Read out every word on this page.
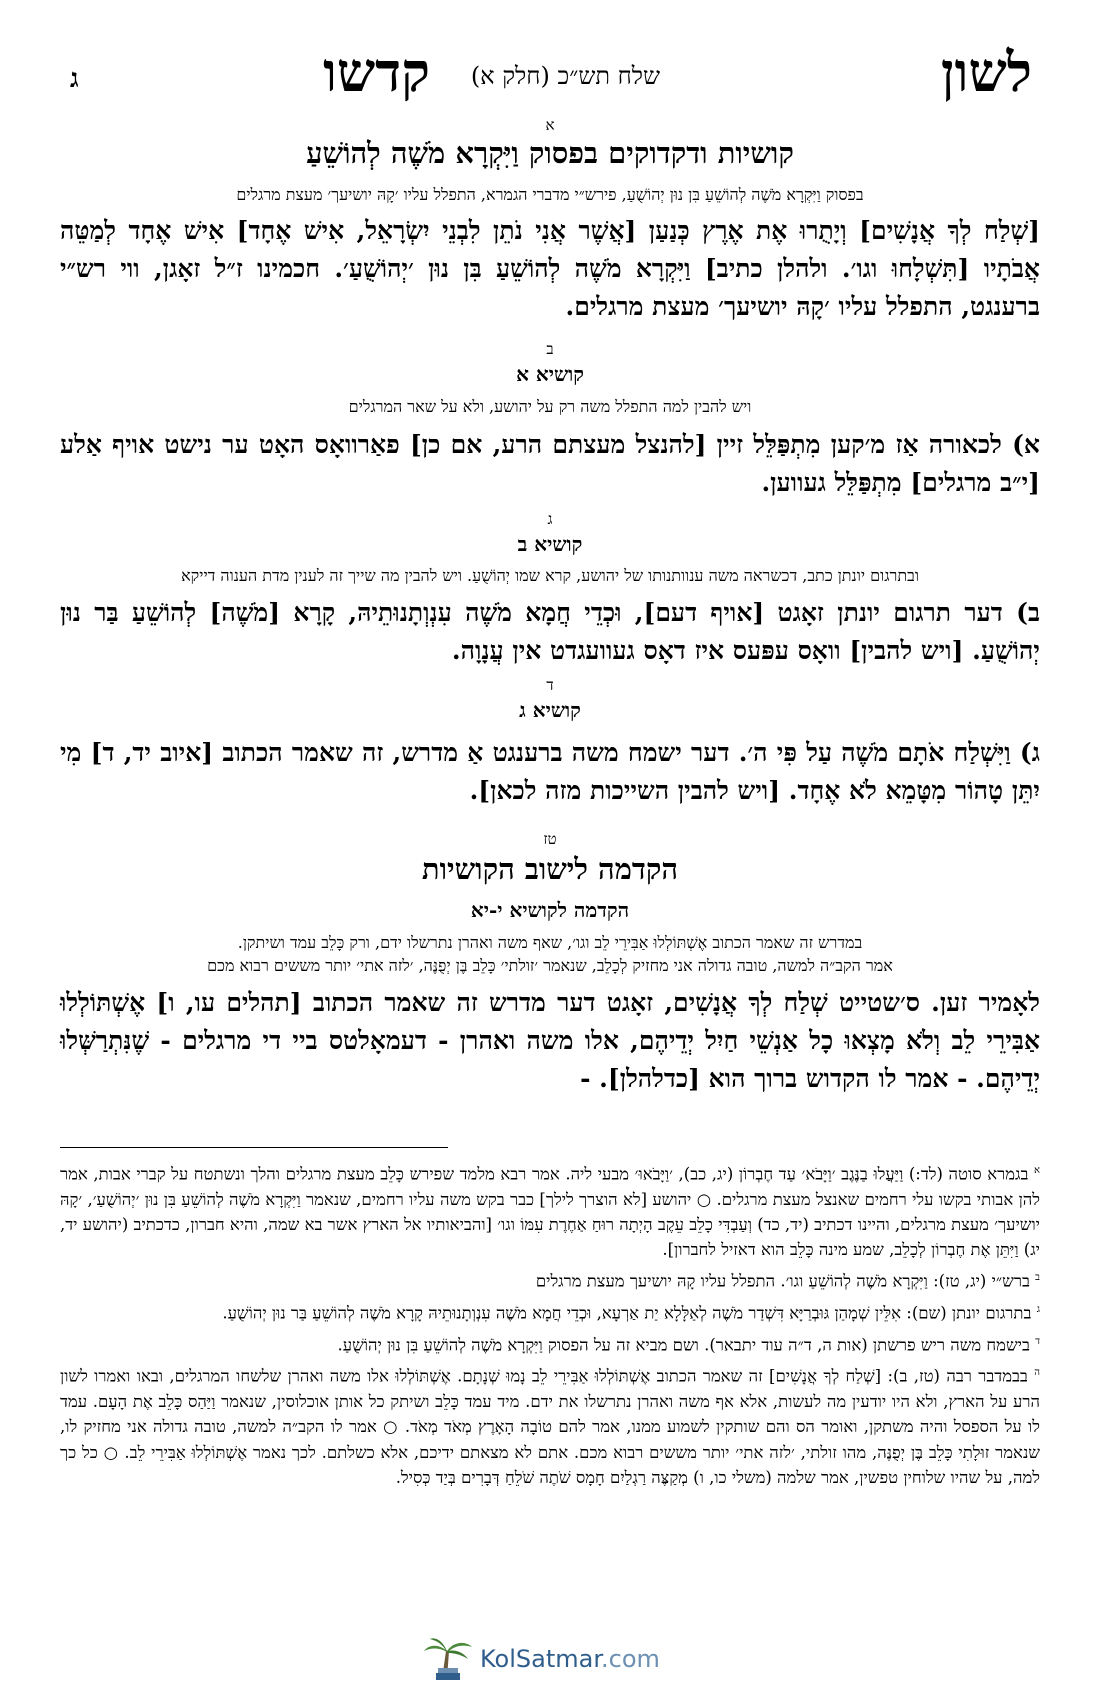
לשון
שלח תש״כ (חלק א)
קדשו
ג
א
קושיות ודקדוקים בפסוק וַיִּקְרָא מֹשֶׁה לְהוֹשֵׁעַ
בפסוק וַיִּקְרָא מֹשֶׁה לְהוֹשֵׁעַ בִּן נוּן יְהוֹשֻׁעַ, פירש״י מדברי הגמרא, התפלל עליו ׳קָהּ יושיעך׳ מעצת מרגלים
[שְׁלַח לְךָ אֲנָשִׁים] וְיָתֻרוּ אֶת אֶרֶץ כְּנַעַן [אֲשֶׁר אֲנִי נֹתֵן לִבְנֵי יִשְׂרָאֵל, אִישׁ אֶחָד] אִישׁ אֶחָד לְמַטֵּה אֲבֹתָיו [תִּשְׁלָחוּ וגו׳. ולהלן כתיב] וַיִּקְרָא מֹשֶׁה לְהוֹשֵׁעַ בִּן נוּן ׳יְהוֹשֻׁעַ׳. חכמינו ז״ל זאָגן, ווי רש״י ברענגט, התפלל עליו ׳קָהּ יושיעך׳ מעצת מרגלים.
ב
קושיא א
ויש להבין למה התפלל משה רק על יהושע, ולא על שאר המרגלים
א) לכאורה אַז מ׳קען מִתְפַּלֵּל זיין [להנצל מעצתם הרע, אם כן] פאַרוואָס האָט ער נישט אויף אַלע [י״ב מרגלים] מִתְפַּלֵּל געווען.
ג
קושיא ב
ובתרגום יונתן כתב, דכשראה משה ענוותנותו של יהושע, קרא שמו יְהוֹשֻׁעַ. ויש להבין מה שייך זה לענין מדת הענוה דייקא
ב) דער תרגום יונתן זאָגט [אויף דעם], וּכְדֵי חֲמָא מֹשֶׁה עִנְוְתָנוּתֵיהּ, קָרָא [מֹשֶׁה] לְהוֹשֵׁעַ בַּר נוּן יְהוֹשֻׁעַ. [ויש להבין] וואָס עפּעס איז דאָס געוועגדט אין עֲנָוָה.
ד
קושיא ג
ג) וַיִּשְׁלַח אֹתָם מֹשֶׁה עַל פִּי ה׳. דער ישמח משה ברענגט אַ מדרש, זה שאמר הכתוב [איוב יד, ד] מִי יִתֵּן טָהוֹר מִטָּמֵא לֹא אֶחָד. [ויש להבין השייכות מזה לכאן].
טז
הקדמה לישוב הקושיות
הקדמה לקושיא י-יא
במדרש זה שאמר הכתוב אֶשְׁתּוֹלְלוּ אַבִּירֵי לֵב וגו׳, שאף משה ואהרן נתרשלו ידם, ורק כָּלֵב עמד ושיתקן.
אמר הקב״ה למשה, טובה גדולה אני מחזיק לְכָלֵב, שנאמר ׳זולתי׳ כָּלֵב בֶּן יְפֻנֶּה, ׳לזה אתי׳ יותר מששים רבוא מכם
לאָמיר זען. ס׳שטייט שְׁלַח לְךָ אֲנָשִׁים, זאָגט דער מדרש זה שאמר הכתוב [תהלים עו, ו] אֶשְׁתּוֹלְלוּ אַבִּירֵי לֵב וְלֹא מָצְאוּ כָל אַנְשֵׁי חַיִל יְדֵיהֶם, אלו משה ואהרן - דעמאָלטס ביי די מרגלים - שֶׁנִּתְרַשְּׁלוּ יְדֵיהֶם. - אמר לו הקדוש ברוך הוא [כדלהלן]. -

$^א$ בגמרא סוטה (לד:) וַיַּעֲלוּ בַנֶּגֶב ׳וַיָּבֹא׳ עַד חֶבְרוֹן (יג, כב), ׳וַיָּבֹאוּ׳ מבעי ליה. אמר רבא מלמד שפירש כָּלֵב מעצת מרגלים והלך ונשתטח על קברי אבות, אמר להן אבותי בקשו עלי רחמים שאנצל מעצת מרגלים. ○ יהושע [לא הוצרך לילך] כבר בקש משה עליו רחמים, שנאמר וַיִּקְרָא מֹשֶׁה לְהוֹשֵׁעַ בִּן נוּן ׳יְהוֹשֻׁעַ׳, ׳קָהּ יושיעך׳ מעצת מרגלים, והיינו דכתיב (יד, כד) וְעַבְדִּי כָלֵב עֵקֶב הָיְתָה רוּחַ אַחֶרֶת עִמּוֹ וגו׳ [והביאותיו אל הארץ אשר בא שמה, והיא חברון, כדכתיב (יהושע יד, יג) וַיִּתֵּן אֶת חֶבְרוֹן לְכָלֵב, שמע מינה כָּלֵב הוא דאזיל לחברון].

$^ב$ ברש״י (יג, טז): וַיִּקְרָא מֹשֶׁה לְהוֹשֵׁעַ וגו׳. התפלל עליו קָהּ יושיעך מעצת מרגלים

$^ג$ בתרגום יונתן (שם): אִלֵּין שְׁמָהַן גּוּבְרַיָּא דִּשְׁדַר מֹשֶׁה לְאַלָּלָא יַת אַרְעָא, וּכְדֵי חֲמָא מֹשֶׁה עִנְוְתָנוּתֵיהּ קָרָא מֹשֶׁה לְהוֹשֵׁעַ בַּר נוּן יְהוֹשֻׁעַ.

$^ד$ בישמח משה ריש פרשתן (אות ה, ד״ה עוד יתבאר). ושם מביא זה על הפסוק וַיִּקְרָא מֹשֶׁה לְהוֹשֵׁעַ בִּן נוּן יְהוֹשֻׁעַ.

$^ה$ בבמדבר רבה (טז, ב): [שְׁלַח לְךָ אֲנָשִׁים] זה שאמר הכתוב אֶשְׁתּוֹלְלוּ אַבִּירֵי לֵב נָמוּ שְׁנָתָם. אֶשְׁתּוֹלְלוּ אלו משה ואהרן שלשחו המרגלים, ובאו ואמרו לשון הרע על הארץ, ולא היו יודעין מה לעשות, אלא אף משה ואהרן נתרשלו את ידם. מיד עמד כָּלֵב ושיתק כל אותן אוכלוסין, שנאמר וַיַּהַס כָּלֵב אֶת הָעָם. עמד לו על הספסל והיה משתקן, ואומר הס והם שותקין לשמוע ממנו, אמר להם טוֹבָה הָאָרֶץ מְאֹד מְאֹד. ○ אמר לו הקב״ה למשה, טובה גדולה אני מחזיק לו, שנאמר זוּלָתִי כָּלֵב בֶּן יְפֻנֶּה, מהו זולתי, ׳לזה אתי׳ יותר מששים רבוא מכם. אתם לא מצאתם ידיכם, אלא כשלתם. לכך נאמר אֶשְׁתּוֹלְלוּ אַבִּירֵי לֵב. ○ כל כך למה, על שהיו שלוחין טפשין, אמר שלמה (משלי כו, ו) מְקַצֶּה רַגְלַיִם חָמָס שֹׁתֶה שֹׁלֵחַ דְּבָרִים בְּיַד כְּסִיל.

KolSatmar.com
